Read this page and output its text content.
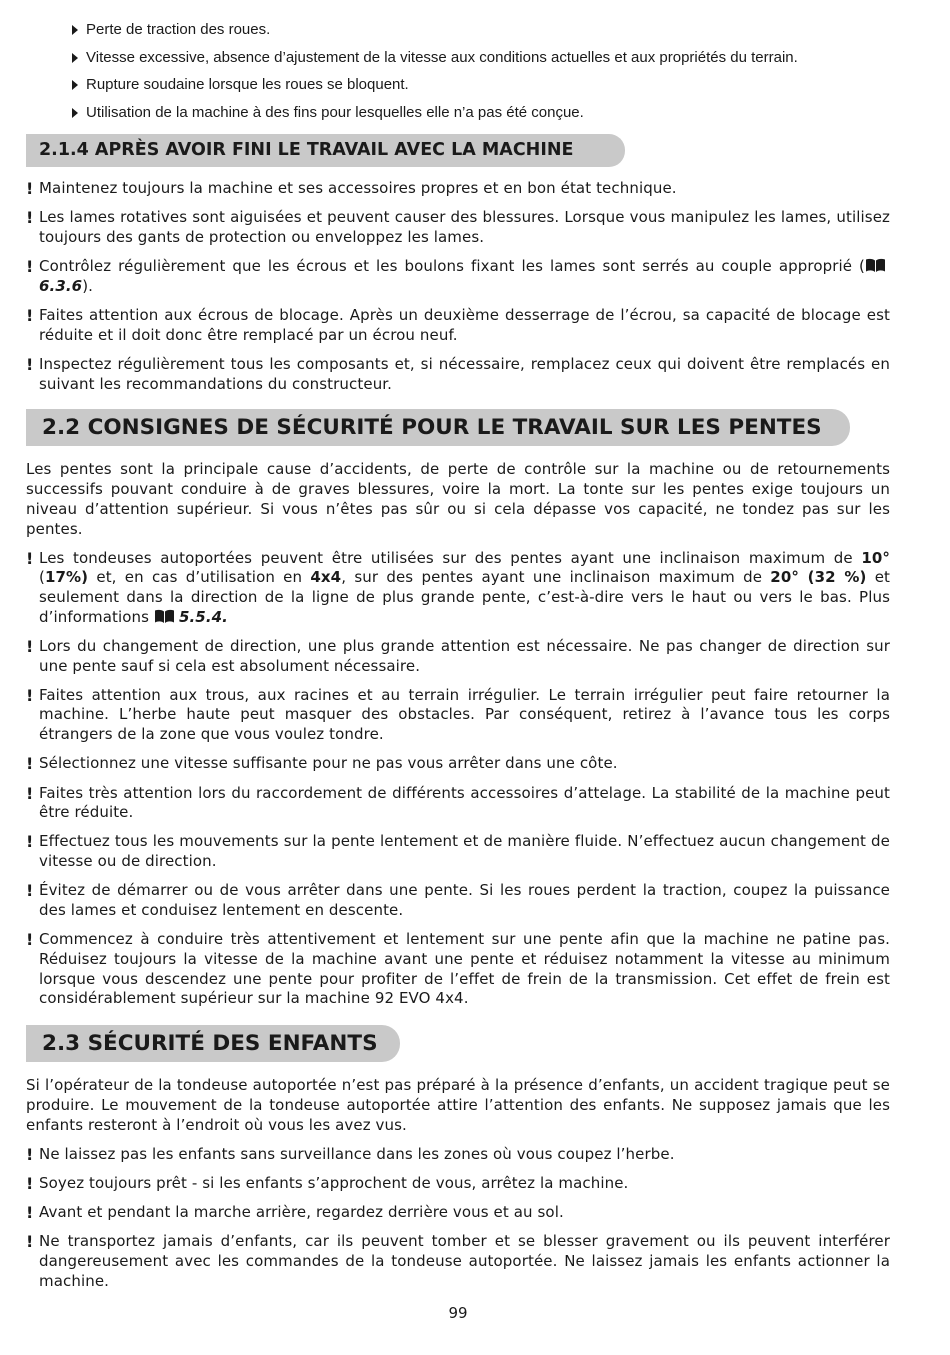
Perte de traction des roues.
Vitesse excessive, absence d’ajustement de la vitesse aux conditions actuelles et aux propriétés du terrain.
Rupture soudaine lorsque les roues se bloquent.
Utilisation de la machine à des fins pour lesquelles elle n’a pas été conçue.
2.1.4 APRÈS AVOIR FINI LE TRAVAIL AVEC LA MACHINE
! Maintenez toujours la machine et ses accessoires propres et en bon état technique.
! Les lames rotatives sont aiguisées et peuvent causer des blessures. Lorsque vous manipulez les lames, utilisez toujours des gants de protection ou enveloppez les lames.
! Contrôlez régulièrement que les écrous et les boulons fixant les lames sont serrés au couple approprié (6.3.6).
! Faites attention aux écrous de blocage. Après un deuxième desserrage de l’écrou, sa capacité de blocage est réduite et il doit donc être remplacé par un écrou neuf.
! Inspectez régulièrement tous les composants et, si nécessaire, remplacez ceux qui doivent être remplacés en suivant les recommandations du constructeur.
2.2 CONSIGNES DE SÉCURITÉ POUR LE TRAVAIL SUR LES PENTES

Les pentes sont la principale cause d’accidents, de perte de contrôle sur la machine ou de retournements successifs pouvant conduire à de graves blessures, voire la mort. La tonte sur les pentes exige toujours un niveau d’attention supérieur. Si vous n’êtes pas sûr ou si cela dépasse vos capacité, ne tondez pas sur les pentes.

! Les tondeuses autoportées peuvent être utilisées sur des pentes ayant une inclinaison maximum de 10° (17%) et, en cas d’utilisation en 4x4, sur des pentes ayant une inclinaison maximum de 20° (32 %) et seulement dans la direction de la ligne de plus grande pente, c’est-à-dire vers le haut ou vers le bas. Plus d’informations 5.5.4.
! Lors du changement de direction, une plus grande attention est nécessaire. Ne pas changer de direction sur une pente sauf si cela est absolument nécessaire.
! Faites attention aux trous, aux racines et au terrain irrégulier. Le terrain irrégulier peut faire retourner la machine. L’herbe haute peut masquer des obstacles. Par conséquent, retirez à l’avance tous les corps étrangers de la zone que vous voulez tondre.
! Sélectionnez une vitesse suffisante pour ne pas vous arrêter dans une côte.
! Faites très attention lors du raccordement de différents accessoires d’attelage. La stabilité de la machine peut être réduite.
! Effectuez tous les mouvements sur la pente lentement et de manière fluide. N’effectuez aucun changement de vitesse ou de direction.
! Évitez de démarrer ou de vous arrêter dans une pente. Si les roues perdent la traction, coupez la puissance des lames et conduisez lentement en descente.
! Commencez à conduire très attentivement et lentement sur une pente afin que la machine ne patine pas. Réduisez toujours la vitesse de la machine avant une pente et réduisez notamment la vitesse au minimum lorsque vous descendez une pente pour profiter de l’effet de frein de la transmission. Cet effet de frein est considérablement supérieur sur la machine 92 EVO 4x4.
2.3 SÉCURITÉ DES ENFANTS

Si l’opérateur de la tondeuse autoportée n’est pas préparé à la présence d’enfants, un accident tragique peut se produire. Le mouvement de la tondeuse autoportée attire l’attention des enfants. Ne supposez jamais que les enfants resteront à l’endroit où vous les avez vus.

! Ne laissez pas les enfants sans surveillance dans les zones où vous coupez l’herbe.
! Soyez toujours prêt - si les enfants s’approchent de vous, arrêtez la machine.
! Avant et pendant la marche arrière, regardez derrière vous et au sol.
! Ne transportez jamais d’enfants, car ils peuvent tomber et se blesser gravement ou ils peuvent interférer dangereusement avec les commandes de la tondeuse autoportée. Ne laissez jamais les enfants actionner la machine.
99
